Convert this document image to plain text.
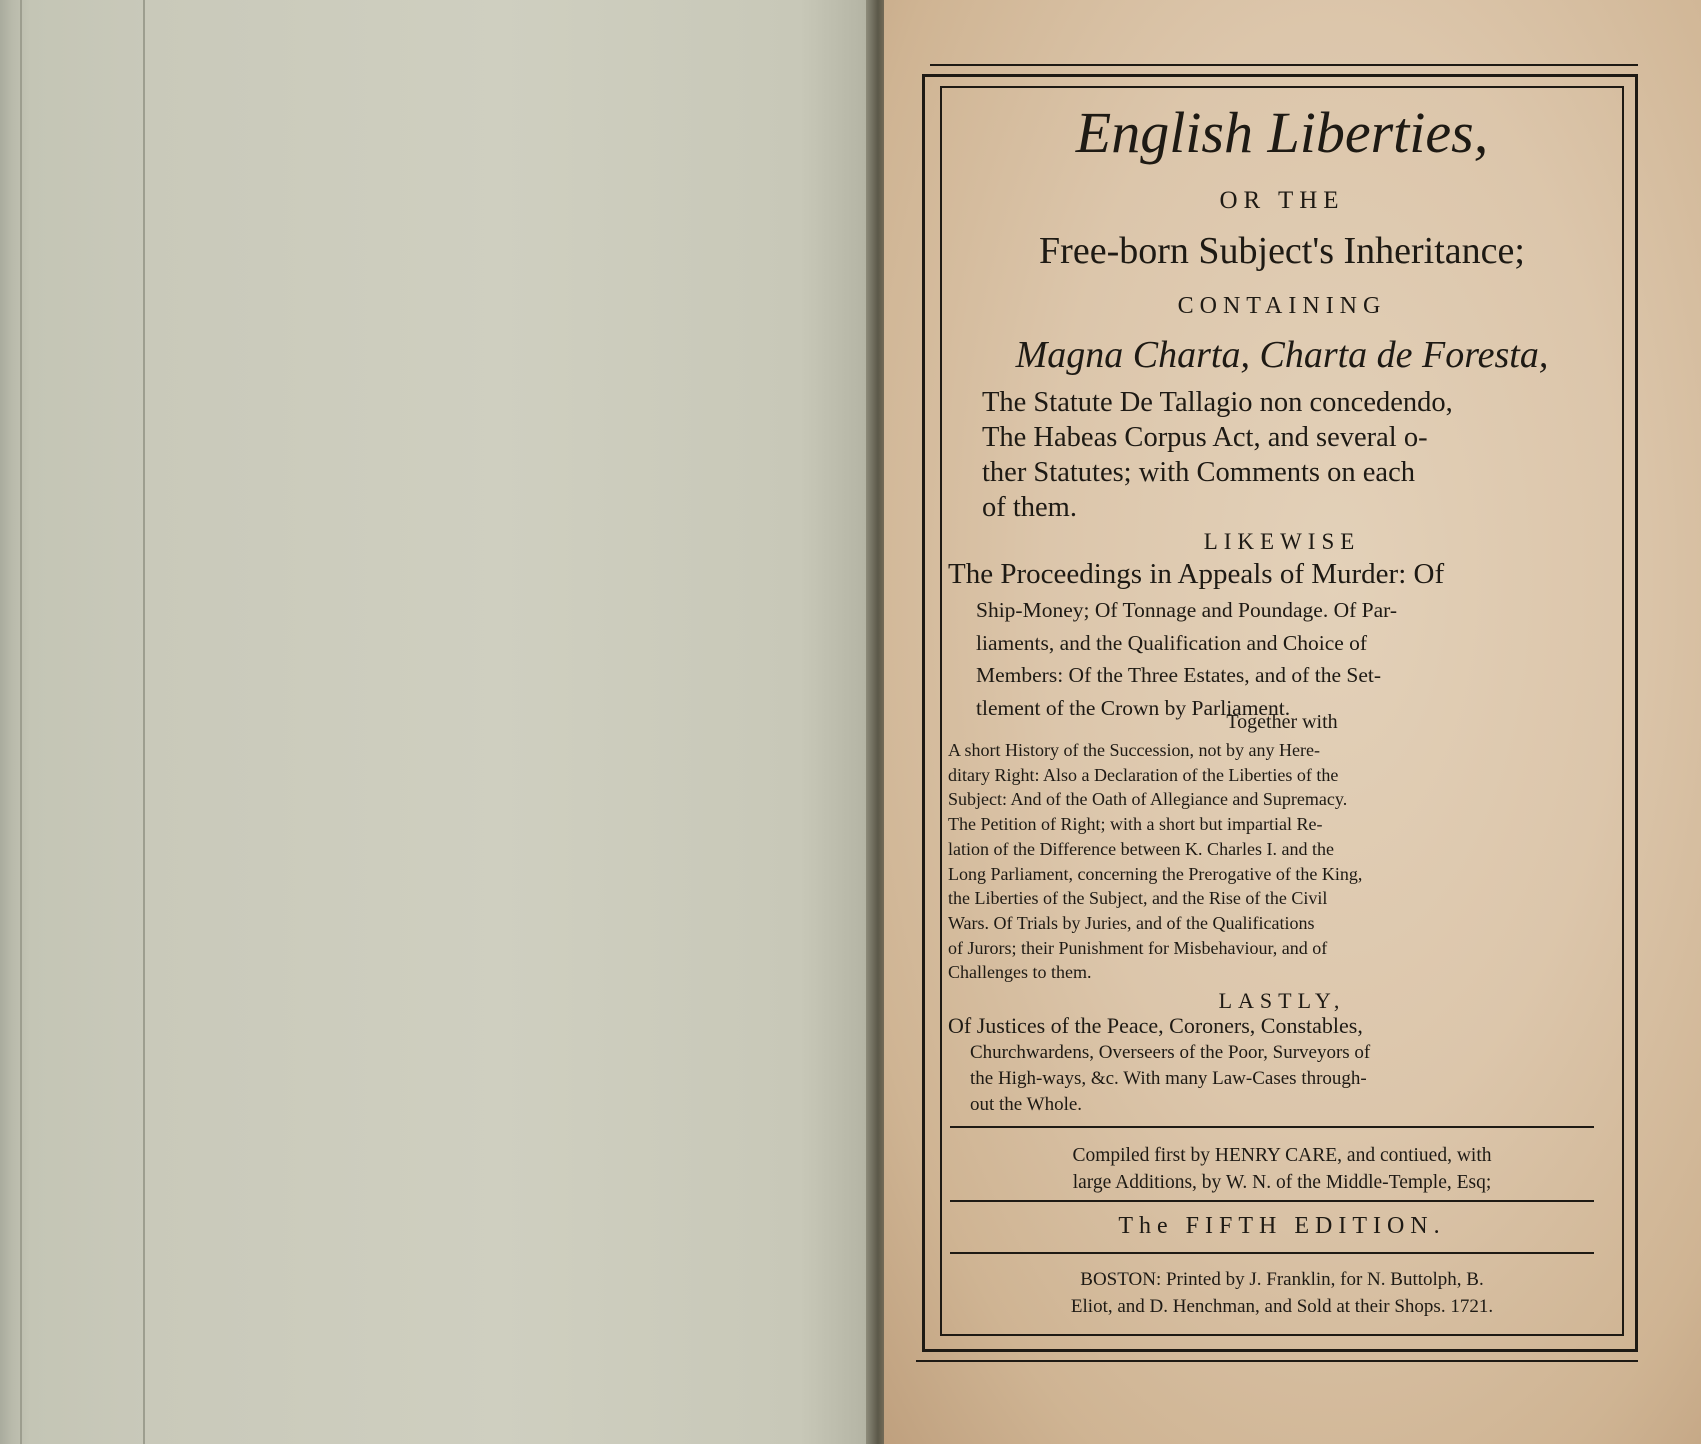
English Liberties,
OR THE
Free-born Subject's Inheritance;
CONTAINING
Magna Charta, Charta de Foresta,
The Statute De Tallagio non concedendo,
The Habeas Corpus Act, and several o-
ther Statutes; with Comments on each
of them.
LIKEWISE
The Proceedings in Appeals of Murder: Of
Ship-Money; Of Tonnage and Poundage. Of Par-
liaments, and the Qualification and Choice of
Members: Of the Three Estates, and of the Set-
tlement of the Crown by Parliament.
Together with
A short History of the Succession, not by any Here-
ditary Right: Also a Declaration of the Liberties of the
Subject: And of the Oath of Allegiance and Supremacy.
The Petition of Right; with a short but impartial Re-
lation of the Difference between K. Charles I. and the
Long Parliament, concerning the Prerogative of the King,
the Liberties of the Subject, and the Rise of the Civil
Wars. Of Trials by Juries, and of the Qualifications
of Jurors; their Punishment for Misbehaviour, and of
Challenges to them.
LASTLY,
Of Justices of the Peace, Coroners, Constables,
Churchwardens, Overseers of the Poor, Surveyors of
the High-ways, &c. With many Law-Cases through-
out the Whole.
Compiled first by HENRY CARE, and contiued, with
large Additions, by W. N. of the Middle-Temple, Esq;
The FIFTH EDITION.
BOSTON: Printed by J. Franklin, for N. Buttolph, B.
Eliot, and D. Henchman, and Sold at their Shops. 1721.
